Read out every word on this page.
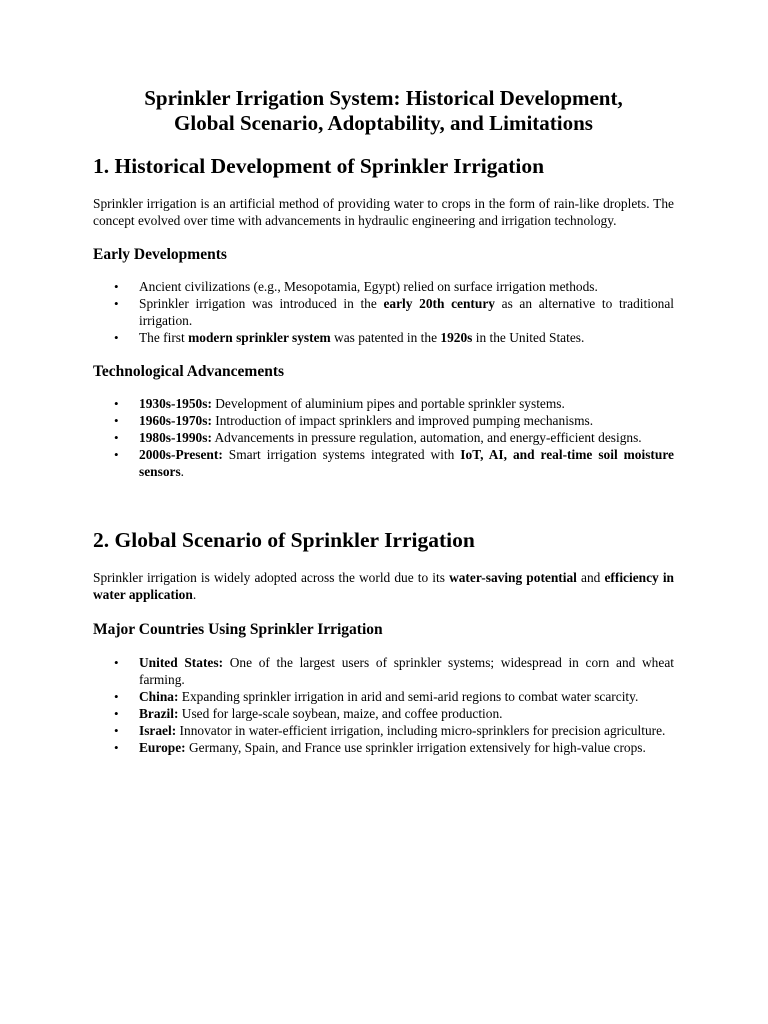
Sprinkler Irrigation System: Historical Development,
Global Scenario, Adoptability, and Limitations
1. Historical Development of Sprinkler Irrigation

Sprinkler irrigation is an artificial method of providing water to crops in the form of rain-like droplets. The concept evolved over time with advancements in hydraulic engineering and irrigation technology.

Early Developments
• Ancient civilizations (e.g., Mesopotamia, Egypt) relied on surface irrigation methods.
• Sprinkler irrigation was introduced in the early 20th century as an alternative to traditional irrigation.
• The first modern sprinkler system was patented in the 1920s in the United States.
Technological Advancements
• 1930s-1950s: Development of aluminium pipes and portable sprinkler systems.
• 1960s-1970s: Introduction of impact sprinklers and improved pumping mechanisms.
• 1980s-1990s: Advancements in pressure regulation, automation, and energy-efficient designs.
• 2000s-Present: Smart irrigation systems integrated with IoT, AI, and real-time soil moisture sensors.
2. Global Scenario of Sprinkler Irrigation

Sprinkler irrigation is widely adopted across the world due to its water-saving potential and efficiency in water application.

Major Countries Using Sprinkler Irrigation
• United States: One of the largest users of sprinkler systems; widespread in corn and wheat farming.
• China: Expanding sprinkler irrigation in arid and semi-arid regions to combat water scarcity.
• Brazil: Used for large-scale soybean, maize, and coffee production.
• Israel: Innovator in water-efficient irrigation, including micro-sprinklers for precision agriculture.
• Europe: Germany, Spain, and France use sprinkler irrigation extensively for high-value crops.
